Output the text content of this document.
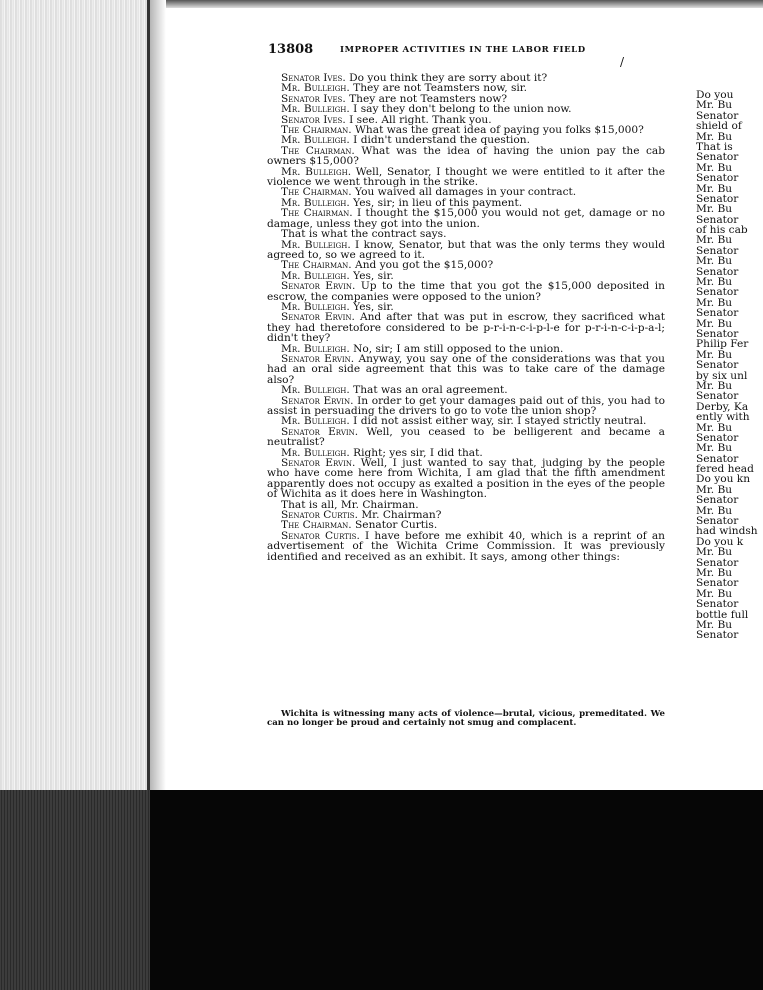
/
13808	IMPROPER ACTIVITIES IN THE LABOR FIELD

Senator Ives. Do you think they are sorry about it?

Mr. Bulleigh. They are not Teamsters now, sir.

Senator Ives. They are not Teamsters now?

Mr. Bulleigh. I say they don't belong to the union now.

Senator Ives. I see. All right. Thank you.

The Chairman. What was the great idea of paying you folks $15,000?

Mr. Bulleigh. I didn't understand the question.

The Chairman. What was the idea of having the union pay the cab owners $15,000?

Mr. Bulleigh. Well, Senator, I thought we were entitled to it after the violence we went through in the strike.

The Chairman. You waived all damages in your contract.

Mr. Bulleigh. Yes, sir; in lieu of this payment.

The Chairman. I thought the $15,000 you would not get, damage or no damage, unless they got into the union.

That is what the contract says.

Mr. Bulleigh. I know, Senator, but that was the only terms they would agreed to, so we agreed to it.

The Chairman. And you got the $15,000?

Mr. Bulleigh. Yes, sir.

Senator Ervin. Up to the time that you got the $15,000 deposited in escrow, the companies were opposed to the union?

Mr. Bulleigh. Yes, sir.

Senator Ervin. And after that was put in escrow, they sacrificed what they had theretofore considered to be p-r-i-n-c-i-p-l-e for p-r-i-n-c-i-p-a-l; didn't they?

Mr. Bulleigh. No, sir; I am still opposed to the union.

Senator Ervin. Anyway, you say one of the considerations was that you had an oral side agreement that this was to take care of the damage also?

Mr. Bulleigh. That was an oral agreement.

Senator Ervin. In order to get your damages paid out of this, you had to assist in persuading the drivers to go to vote the union shop?

Mr. Bulleigh. I did not assist either way, sir. I stayed strictly neutral.

Senator Ervin. Well, you ceased to be belligerent and became a neutralist?

Mr. Bulleigh. Right; yes sir, I did that.

Senator Ervin. Well, I just wanted to say that, judging by the people who have come here from Wichita, I am glad that the fifth amendment apparently does not occupy as exalted a position in the eyes of the people of Wichita as it does here in Washington.

That is all, Mr. Chairman.

Senator Curtis. Mr. Chairman?

The Chairman. Senator Curtis.

Senator Curtis. I have before me exhibit 40, which is a reprint of an advertisement of the Wichita Crime Commission. It was previously identified and received as an exhibit. It says, among other things:

Wichita is witnessing many acts of violence—brutal, vicious, premeditated. We can no longer be proud and certainly not smug and complacent.

Do you
Mr. Bu
Senator
shield of
Mr. Bu
That is
Senator
Mr. Bu
Senator
Mr. Bu
Senator
Mr. Bu
Senator
of his cab
Mr. Bu
Senator
Mr. Bu
Senator
Mr. Bu
Senator
Mr. Bu
Senator
Mr. Bu
Senator
Philip Fer
Mr. Bu
Senator
by six unl
Mr. Bu
Senator
Derby, Ka
ently with
Mr. Bu
Senator
Mr. Bu
Senator
fered head
Do you kn
Mr. Bu
Senator
Mr. Bu
Senator
had windsh
Do you k
Mr. Bu
Senator
Mr. Bu
Senator
Mr. Bu
Senator
bottle full
Mr. Bu
Senator
